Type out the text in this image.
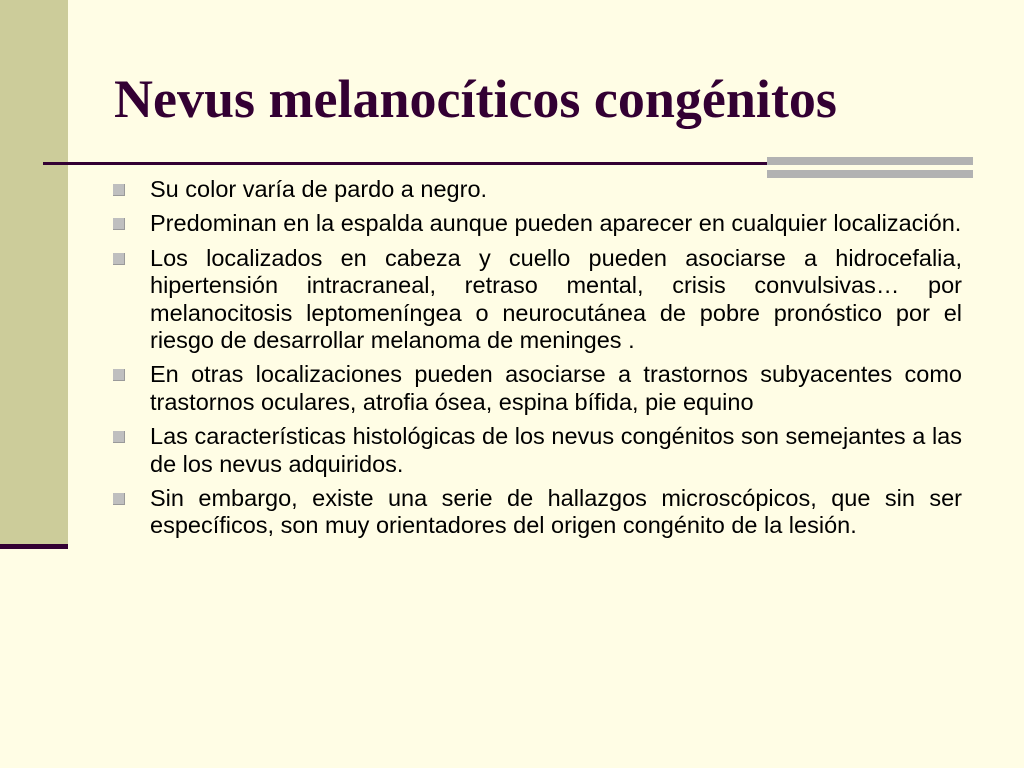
Nevus melanocíticos congénitos
Su color varía de pardo a negro.
Predominan en la espalda aunque pueden aparecer en cualquier localización.
Los localizados en cabeza y cuello pueden asociarse a hidrocefalia, hipertensión intracraneal, retraso mental, crisis convulsivas… por melanocitosis leptomeníngea o neurocutánea de pobre pronóstico por el riesgo de desarrollar melanoma de meninges .
En otras localizaciones pueden asociarse a trastornos subyacentes como trastornos oculares, atrofia ósea, espina bífida, pie equino
Las características histológicas de los nevus congénitos son semejantes a las de los nevus adquiridos.
Sin embargo, existe una serie de hallazgos microscópicos, que sin ser específicos, son muy orientadores del origen congénito de la lesión.
